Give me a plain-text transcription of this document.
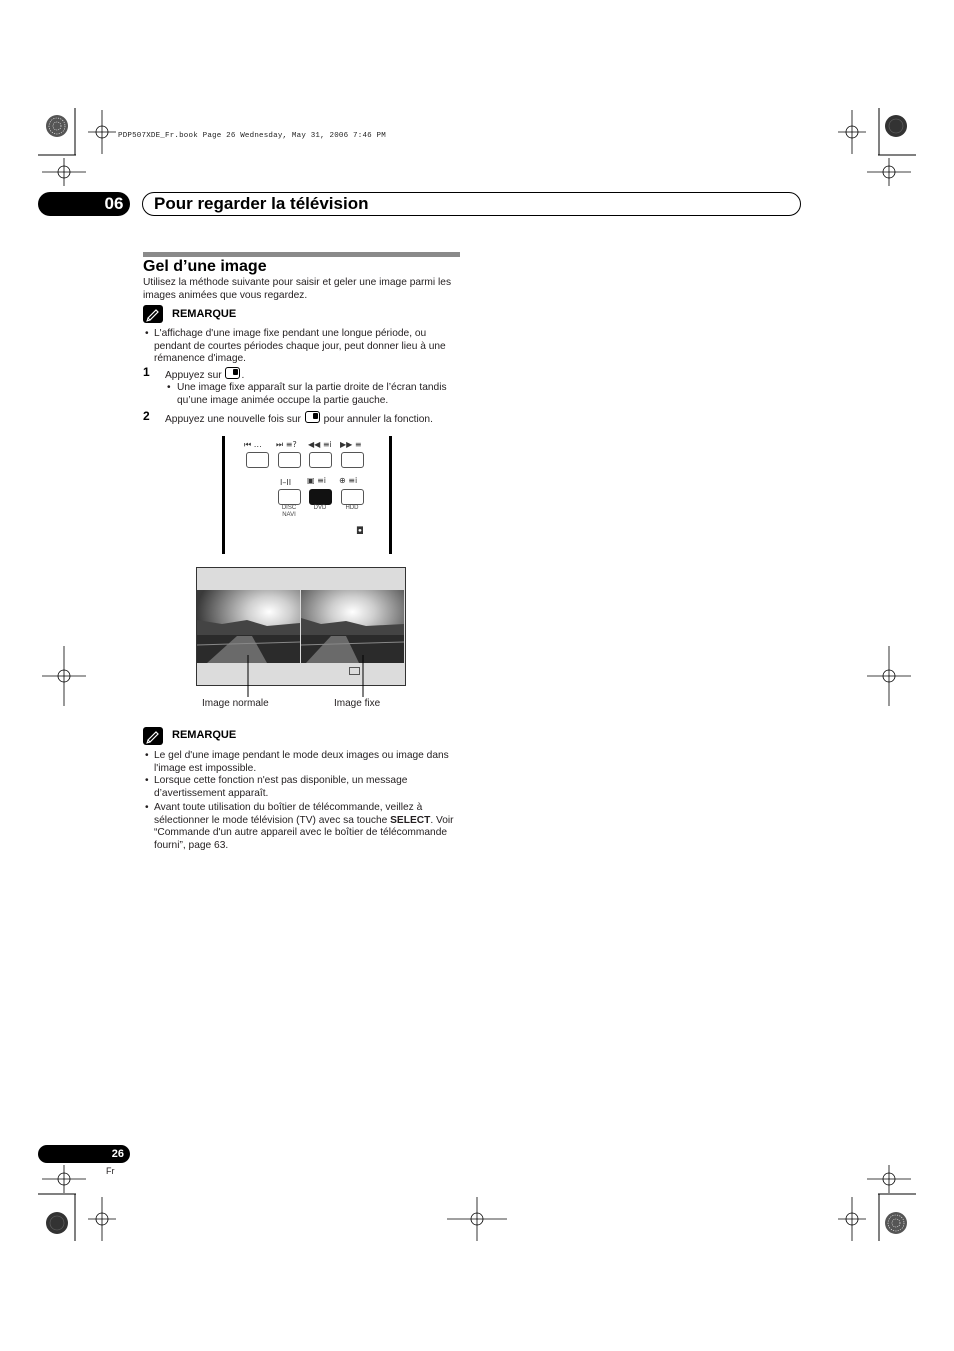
PDP507XDE_Fr.book Page 26 Wednesday, May 31, 2006 7:46 PM
06	Pour regarder la télévision
Gel d’une image
Utilisez la méthode suivante pour saisir et geler une image parmi les images animées que vous regardez.
REMARQUE
• L'affichage d'une image fixe pendant une longue période, ou pendant de courtes périodes chaque jour, peut donner lieu à une rémanence d'image.
1 Appuyez sur .
• Une image fixe apparaît sur la partie droite de l’écran tandis qu’une image animée occupe la partie gauche.
2 Appuyez une nouvelle fois sur pour annuler la fonction.
⏮ … ⏭ ≡? ◀◀ ≡i ▶▶ ≡
I–II ▣ ≡i ⊕ ≡i
DISC
NAVI
DVD	HDD
◘
Image normale	Image fixe
REMARQUE
• Le gel d'une image pendant le mode deux images ou image dans l'image est impossible.
• Lorsque cette fonction n'est pas disponible, un message d’avertissement apparaît.
• Avant toute utilisation du boîtier de télécommande, veillez à sélectionner le mode télévision (TV) avec sa touche SELECT. Voir “Commande d'un autre appareil avec le boîtier de télécommande fourni”, page 63.
26
Fr
